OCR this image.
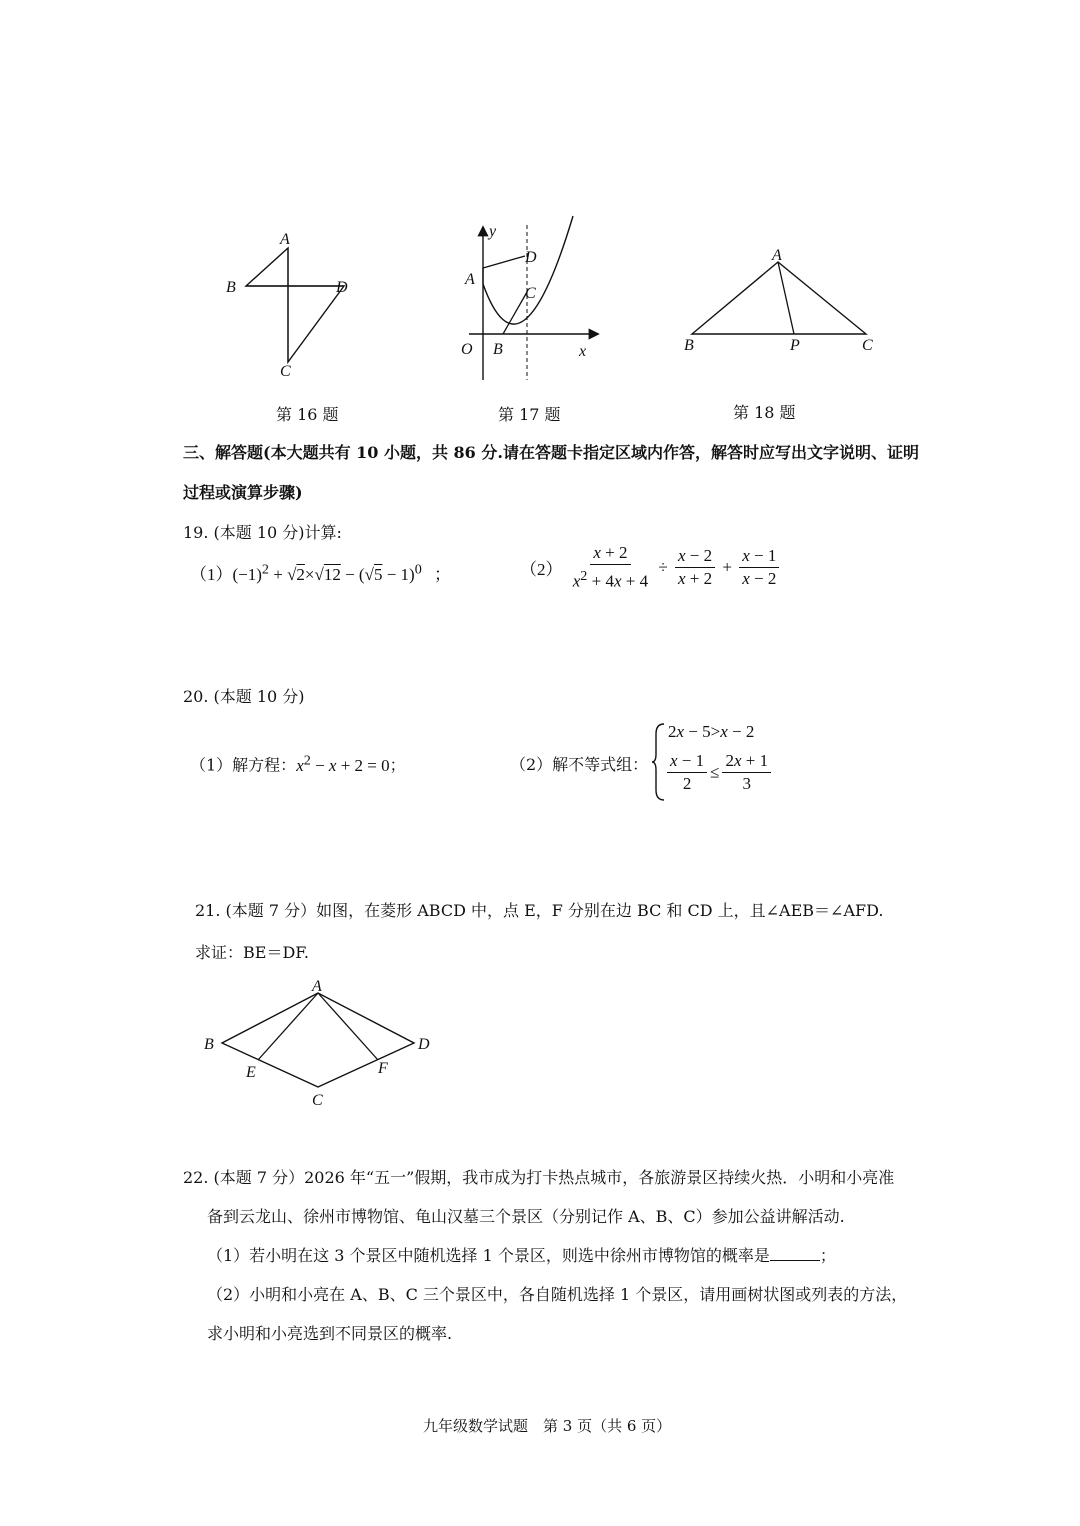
A
B	D
C
第 16 题
y
A
D
C
O B	x
第 17 题
A
B	P	C
第 18 题
三、解答题(本大题共有 10 小题，共 86 分.请在答题卡指定区域内作答，解答时应写出文字说明、证明
过程或演算步骤)
19. (本题 10 分)计算:
$(1)(-1)^2 + √2\times√12 - (√5 - 1)^0$ ；	$(2) \frac{x + 2}{x^2 + 4x + 4} \div \frac{x - 2}{x + 2} + \frac{x - 1}{x - 2}$
20. (本题 10 分)
（1）解方程：$x^2 - x + 2 = 0$；	（2）解不等式组：
2x − 5>x − 2
$\frac{x - 1}{2} \le \frac{2x + 1}{3}$
21. (本题 7 分）如图，在菱形 ABCD 中，点 E，F 分别在边 BC 和 CD 上，且∠AEB＝∠AFD.
求证：BE＝DF.
A
B	D
E	F
C
22. (本题 7 分）2026 年“五一”假期，我市成为打卡热点城市，各旅游景区持续火热．小明和小亮准
备到云龙山、徐州市博物馆、龟山汉墓三个景区（分别记作 A、B、C）参加公益讲解活动.
（1）若小明在这 3 个景区中随机选择 1 个景区，则选中徐州市博物馆的概率是	；
（2）小明和小亮在 A、B、C 三个景区中，各自随机选择 1 个景区，请用画树状图或列表的方法，
求小明和小亮选到不同景区的概率.
九年级数学试题　第 3 页（共 6 页）
